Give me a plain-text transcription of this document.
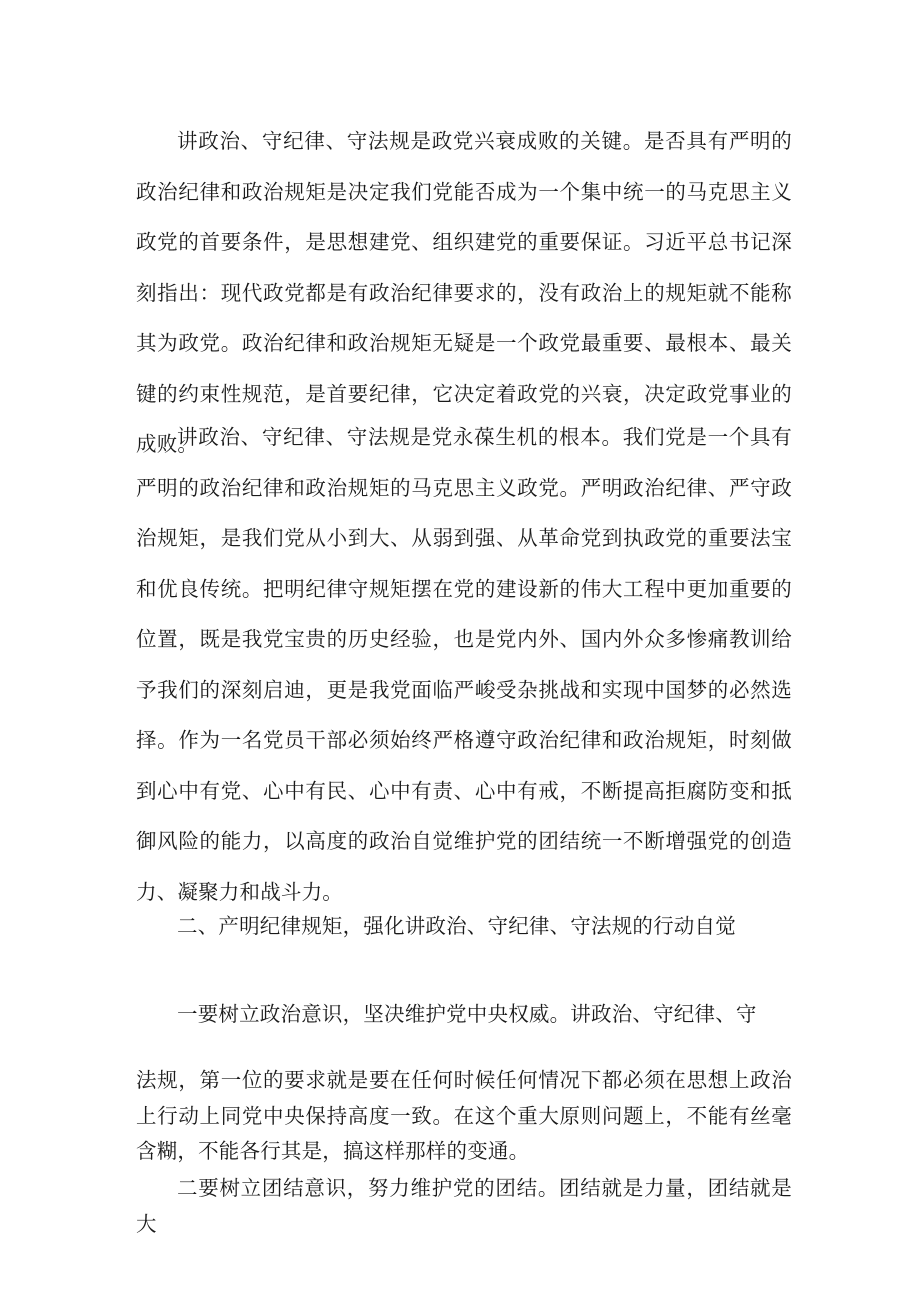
讲政治、守纪律、守法规是政党兴衰成败的关键。是否具有严明的政治纪律和政治规矩是决定我们党能否成为一个集中统一的马克思主义政党的首要条件，是思想建党、组织建党的重要保证。习近平总书记深刻指出：现代政党都是有政治纪律要求的，没有政治上的规矩就不能称其为政党。政治纪律和政治规矩无疑是一个政党最重要、最根本、最关键的约束性规范，是首要纪律，它决定着政党的兴衰，决定政党事业的成败。

讲政治、守纪律、守法规是党永葆生机的根本。我们党是一个具有严明的政治纪律和政治规矩的马克思主义政党。严明政治纪律、严守政治规矩，是我们党从小到大、从弱到强、从革命党到执政党的重要法宝和优良传统。把明纪律守规矩摆在党的建设新的伟大工程中更加重要的位置，既是我党宝贵的历史经验，也是党内外、国内外众多惨痛教训给予我们的深刻启迪，更是我党面临严峻受杂挑战和实现中国梦的必然选择。作为一名党员干部必须始终严格遵守政治纪律和政治规矩，时刻做到心中有党、心中有民、心中有责、心中有戒，不断提高拒腐防变和抵御风险的能力，以高度的政治自觉维护党的团结统一不断增强党的创造力、凝聚力和战斗力。

二、产明纪律规矩，强化讲政治、守纪律、守法规的行动自觉

一要树立政治意识，坚决维护党中央权威。讲政治、守纪律、守

法规，第一位的要求就是要在任何时候任何情况下都必须在思想上政治上行动上同党中央保持高度一致。在这个重大原则问题上，不能有丝毫含糊，不能各行其是，搞这样那样的变通。

二要树立团结意识，努力维护党的团结。团结就是力量，团结就是大
